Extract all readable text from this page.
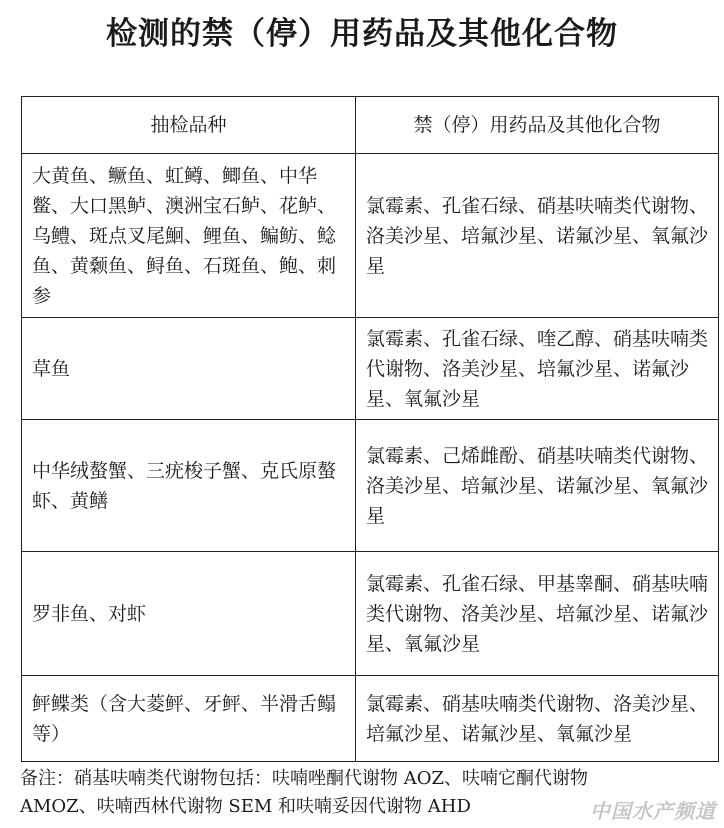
检测的禁（停）用药品及其他化合物
抽检品种	禁（停）用药品及其他化合物
大黄鱼、鳜鱼、虹鳟、鲫鱼、中华鳖、大口黑鲈、澳洲宝石鲈、花鲈、乌鳢、斑点叉尾鮰、鲤鱼、鳊鲂、鲶鱼、黄颡鱼、鲟鱼、石斑鱼、鲍、刺参	氯霉素、孔雀石绿、硝基呋喃类代谢物、洛美沙星、培氟沙星、诺氟沙星、氧氟沙星
草鱼	氯霉素、孔雀石绿、喹乙醇、硝基呋喃类代谢物、洛美沙星、培氟沙星、诺氟沙星、氧氟沙星
中华绒螯蟹、三疣梭子蟹、克氏原螯虾、黄鳝	氯霉素、己烯雌酚、硝基呋喃类代谢物、洛美沙星、培氟沙星、诺氟沙星、氧氟沙星
罗非鱼、对虾	氯霉素、孔雀石绿、甲基睾酮、硝基呋喃类代谢物、洛美沙星、培氟沙星、诺氟沙星、氧氟沙星
鲆鲽类（含大菱鲆、牙鲆、半滑舌鳎等）	氯霉素、硝基呋喃类代谢物、洛美沙星、培氟沙星、诺氟沙星、氧氟沙星
备注：硝基呋喃类代谢物包括：呋喃唑酮代谢物 AOZ、呋喃它酮代谢物
AMOZ、呋喃西林代谢物 SEM 和呋喃妥因代谢物 AHD	中国水产频道
